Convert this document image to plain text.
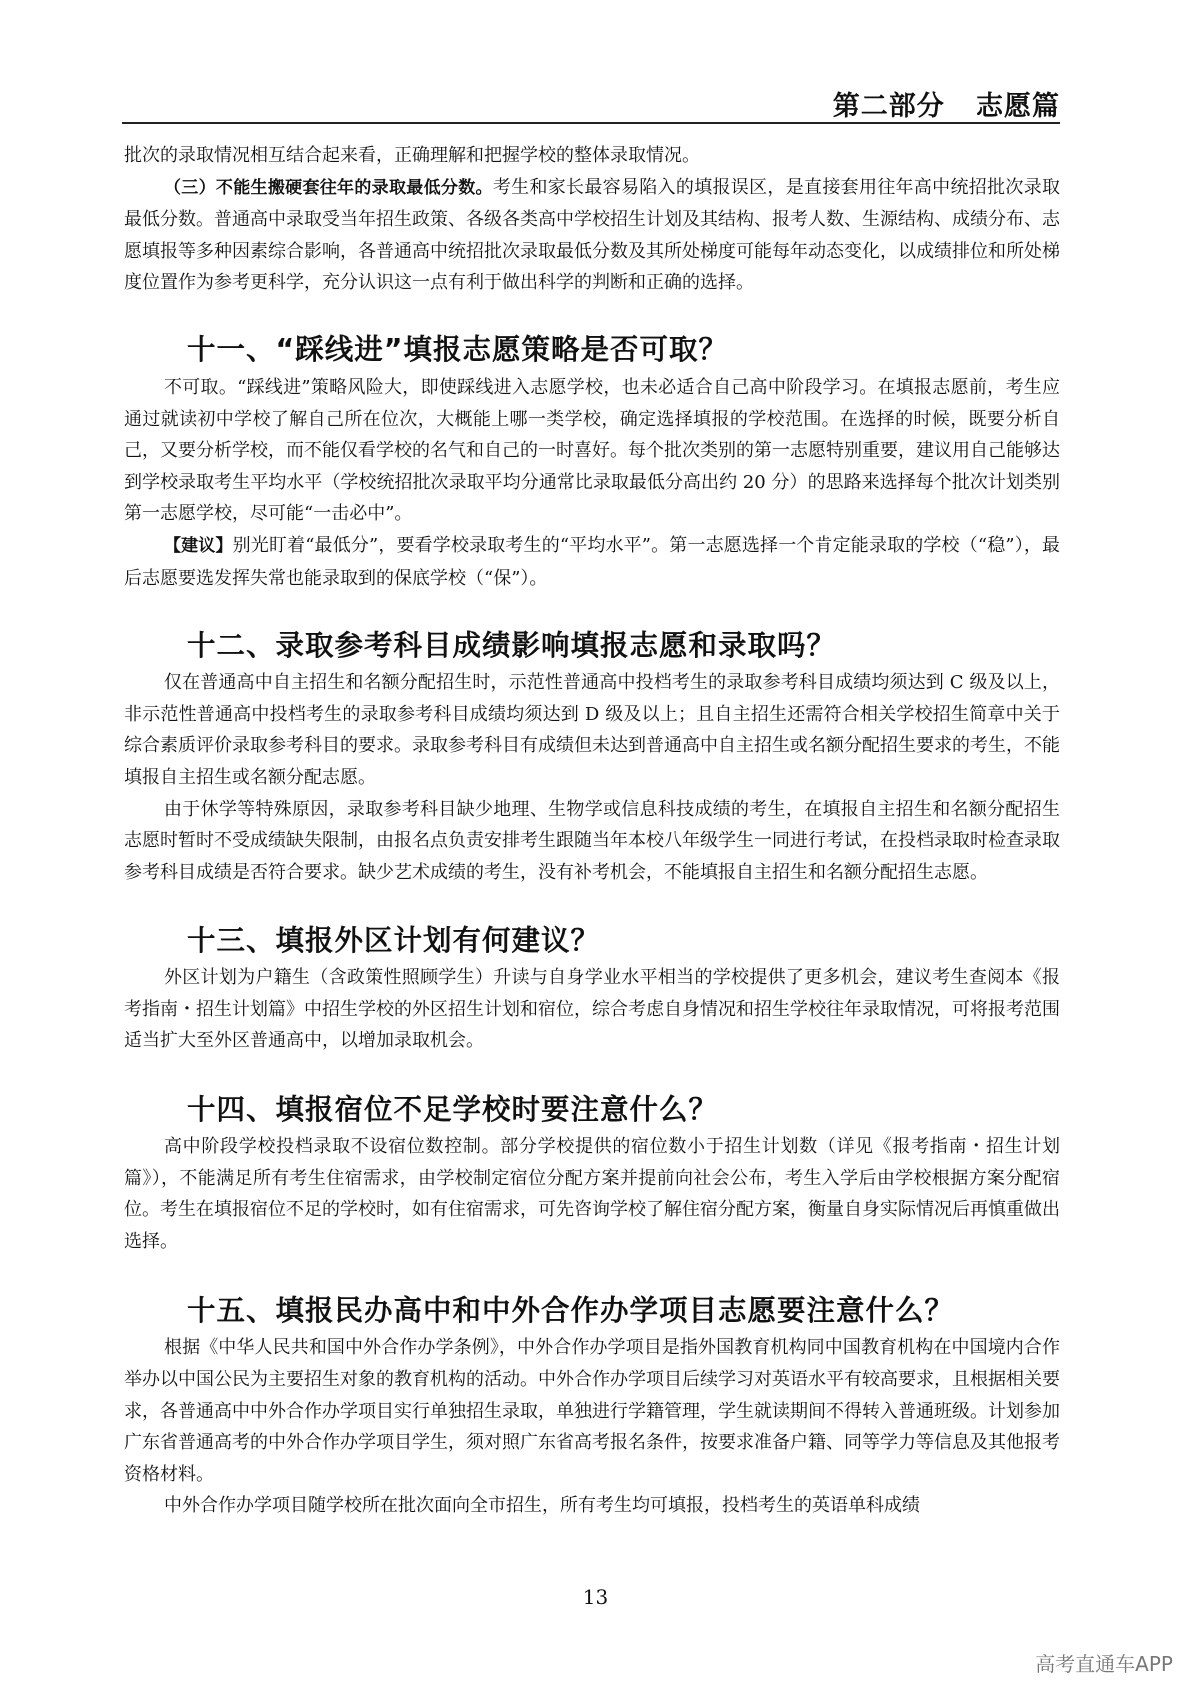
第二部分   志愿篇

批次的录取情况相互结合起来看，正确理解和把握学校的整体录取情况。

（三）不能生搬硬套往年的录取最低分数。考生和家长最容易陷入的填报误区，是直接套用往年高中统招批次录取最低分数。普通高中录取受当年招生政策、各级各类高中学校招生计划及其结构、报考人数、生源结构、成绩分布、志愿填报等多种因素综合影响，各普通高中统招批次录取最低分数及其所处梯度可能每年动态变化，以成绩排位和所处梯度位置作为参考更科学，充分认识这一点有利于做出科学的判断和正确的选择。

十一、“踩线进”填报志愿策略是否可取？

不可取。“踩线进”策略风险大，即使踩线进入志愿学校，也未必适合自己高中阶段学习。在填报志愿前，考生应通过就读初中学校了解自己所在位次，大概能上哪一类学校，确定选择填报的学校范围。在选择的时候，既要分析自己，又要分析学校，而不能仅看学校的名气和自己的一时喜好。每个批次类别的第一志愿特别重要，建议用自己能够达到学校录取考生平均水平（学校统招批次录取平均分通常比录取最低分高出约 20 分）的思路来选择每个批次计划类别第一志愿学校，尽可能“一击必中”。

【建议】别光盯着“最低分”，要看学校录取考生的“平均水平”。第一志愿选择一个肯定能录取的学校（“稳”），最后志愿要选发挥失常也能录取到的保底学校（“保”）。

十二、录取参考科目成绩影响填报志愿和录取吗？

仅在普通高中自主招生和名额分配招生时，示范性普通高中投档考生的录取参考科目成绩均须达到 C 级及以上，非示范性普通高中投档考生的录取参考科目成绩均须达到 D 级及以上；且自主招生还需符合相关学校招生简章中关于综合素质评价录取参考科目的要求。录取参考科目有成绩但未达到普通高中自主招生或名额分配招生要求的考生，不能填报自主招生或名额分配志愿。

由于休学等特殊原因，录取参考科目缺少地理、生物学或信息科技成绩的考生，在填报自主招生和名额分配招生志愿时暂时不受成绩缺失限制，由报名点负责安排考生跟随当年本校八年级学生一同进行考试，在投档录取时检查录取参考科目成绩是否符合要求。缺少艺术成绩的考生，没有补考机会，不能填报自主招生和名额分配招生志愿。

十三、填报外区计划有何建议？

外区计划为户籍生（含政策性照顾学生）升读与自身学业水平相当的学校提供了更多机会，建议考生查阅本《报考指南・招生计划篇》中招生学校的外区招生计划和宿位，综合考虑自身情况和招生学校往年录取情况，可将报考范围适当扩大至外区普通高中，以增加录取机会。

十四、填报宿位不足学校时要注意什么？

高中阶段学校投档录取不设宿位数控制。部分学校提供的宿位数小于招生计划数（详见《报考指南・招生计划篇》），不能满足所有考生住宿需求，由学校制定宿位分配方案并提前向社会公布，考生入学后由学校根据方案分配宿位。考生在填报宿位不足的学校时，如有住宿需求，可先咨询学校了解住宿分配方案，衡量自身实际情况后再慎重做出选择。

十五、填报民办高中和中外合作办学项目志愿要注意什么？

根据《中华人民共和国中外合作办学条例》，中外合作办学项目是指外国教育机构同中国教育机构在中国境内合作举办以中国公民为主要招生对象的教育机构的活动。中外合作办学项目后续学习对英语水平有较高要求，且根据相关要求，各普通高中中外合作办学项目实行单独招生录取，单独进行学籍管理，学生就读期间不得转入普通班级。计划参加广东省普通高考的中外合作办学项目学生，须对照广东省高考报名条件，按要求准备户籍、同等学力等信息及其他报考资格材料。

中外合作办学项目随学校所在批次面向全市招生，所有考生均可填报，投档考生的英语单科成绩

13
高考直通车APP
